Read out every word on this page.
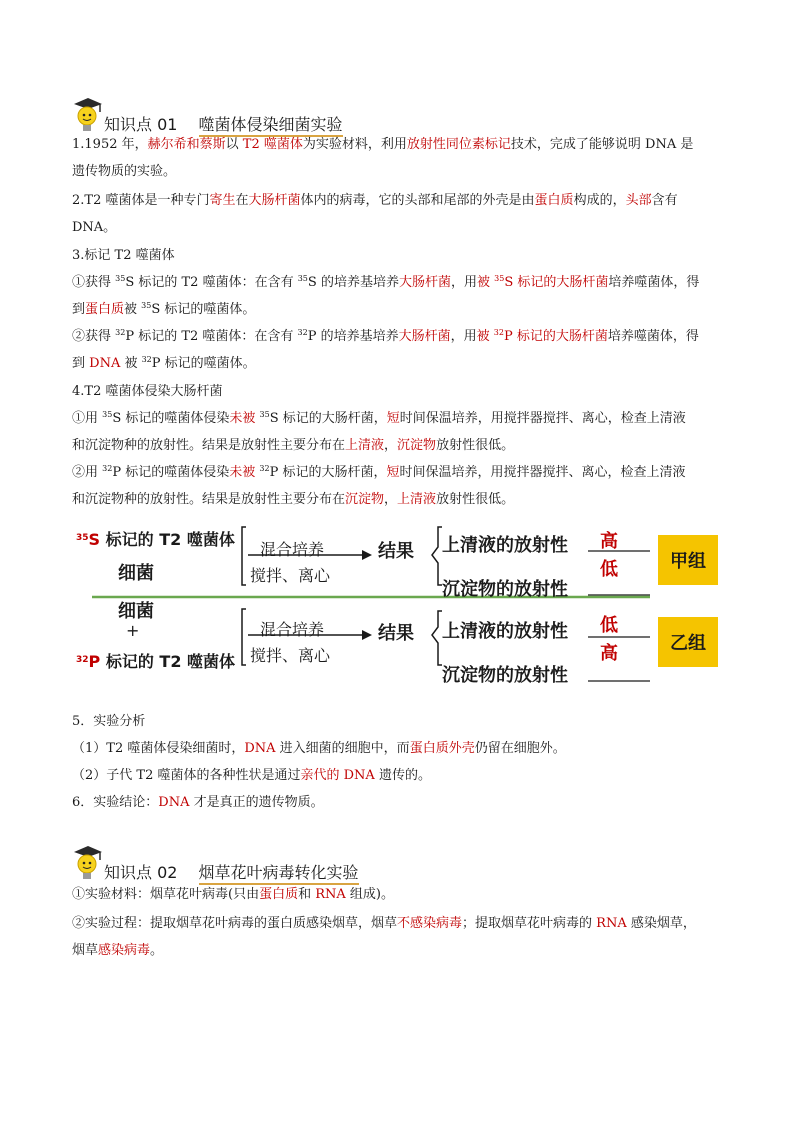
知识点 01　 噬菌体侵染细菌实验
1.1952 年，赫尔希和蔡斯以 T2 噬菌体为实验材料，利用放射性同位素标记技术，完成了能够说明 DNA 是
遗传物质的实验。
2.T2 噬菌体是一种专门寄生在大肠杆菌体内的病毒，它的头部和尾部的外壳是由蛋白质构成的，头部含有
DNA。
3.标记 T2 噬菌体
①获得 $^{35}$S 标记的 T2 噬菌体：在含有 $^{35}$S 的培养基培养大肠杆菌，用被 $^{35}$S 标记的大肠杆菌培养噬菌体，得
到蛋白质被 $^{35}$S 标记的噬菌体。
②获得 $^{32}$P 标记的 T2 噬菌体：在含有 $^{32}$P 的培养基培养大肠杆菌，用被 $^{32}$P 标记的大肠杆菌培养噬菌体，得
到 DNA 被 $^{32}$P 标记的噬菌体。
4.T2 噬菌体侵染大肠杆菌
①用 $^{35}$S 标记的噬菌体侵染未被 $^{35}$S 标记的大肠杆菌，短时间保温培养，用搅拌器搅拌、离心，检查上清液
和沉淀物种的放射性。结果是放射性主要分布在上清液，沉淀物放射性很低。
②用 $^{32}$P 标记的噬菌体侵染未被 $^{32}$P 标记的大肠杆菌，短时间保温培养，用搅拌器搅拌、离心，检查上清液
和沉淀物种的放射性。结果是放射性主要分布在沉淀物，上清液放射性很低。
$^{35}$S 标记的 T2 噬菌体
细菌
混合培养
搅拌、离心
结果 上清液的放射性
沉淀物的放射性
高
低	甲组
细菌
+
$^{32}$P 标记的 T2 噬菌体
混合培养
搅拌、离心
结果 上清液的放射性
沉淀物的放射性
低
高	乙组
5．实验分析
（1）T2 噬菌体侵染细菌时，DNA 进入细菌的细胞中，而蛋白质外壳仍留在细胞外。
（2）子代 T2 噬菌体的各种性状是通过亲代的 DNA 遗传的。
6．实验结论：DNA 才是真正的遗传物质。
知识点 02　 烟草花叶病毒转化实验
①实验材料：烟草花叶病毒(只由蛋白质和 RNA 组成)。
②实验过程：提取烟草花叶病毒的蛋白质感染烟草，烟草不感染病毒；提取烟草花叶病毒的 RNA 感染烟草，
烟草感染病毒。
